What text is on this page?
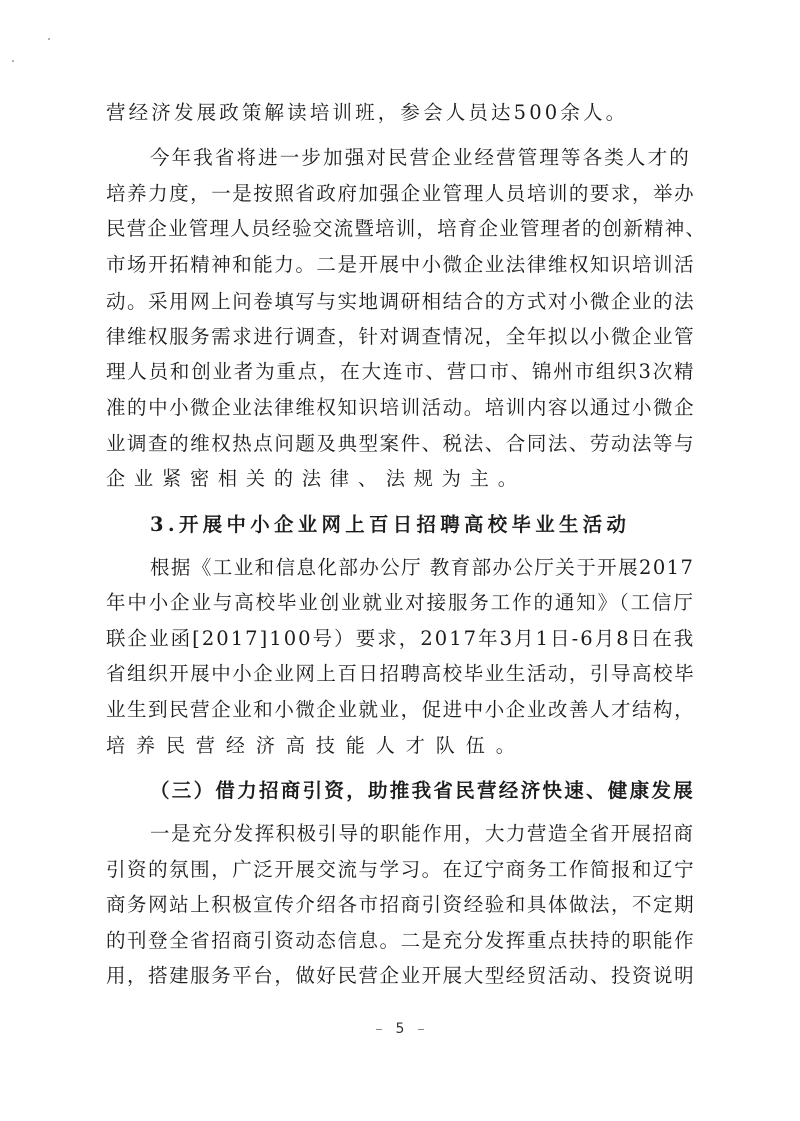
营经济发展政策解读培训班，参会人员达500余人。
今年我省将进一步加强对民营企业经营管理等各类人才的
培养力度，一是按照省政府加强企业管理人员培训的要求，举办
民营企业管理人员经验交流暨培训，培育企业管理者的创新精神、
市场开拓精神和能力。二是开展中小微企业法律维权知识培训活
动。采用网上问卷填写与实地调研相结合的方式对小微企业的法
律维权服务需求进行调查，针对调查情况，全年拟以小微企业管
理人员和创业者为重点，在大连市、营口市、锦州市组织3次精
准的中小微企业法律维权知识培训活动。培训内容以通过小微企
业调查的维权热点问题及典型案件、税法、合同法、劳动法等与
企业紧密相关的法律、法规为主。
3.开展中小企业网上百日招聘高校毕业生活动
根据《工业和信息化部办公厅 教育部办公厅关于开展2017
年中小企业与高校毕业创业就业对接服务工作的通知》（工信厅
联企业函[2017]100号）要求，2017年3月1日-6月8日在我
省组织开展中小企业网上百日招聘高校毕业生活动，引导高校毕
业生到民营企业和小微企业就业，促进中小企业改善人才结构，
培养民营经济高技能人才队伍。
（三）借力招商引资，助推我省民营经济快速、健康发展
一是充分发挥积极引导的职能作用，大力营造全省开展招商
引资的氛围，广泛开展交流与学习。在辽宁商务工作简报和辽宁
商务网站上积极宣传介绍各市招商引资经验和具体做法，不定期
的刊登全省招商引资动态信息。二是充分发挥重点扶持的职能作
用，搭建服务平台，做好民营企业开展大型经贸活动、投资说明
5
